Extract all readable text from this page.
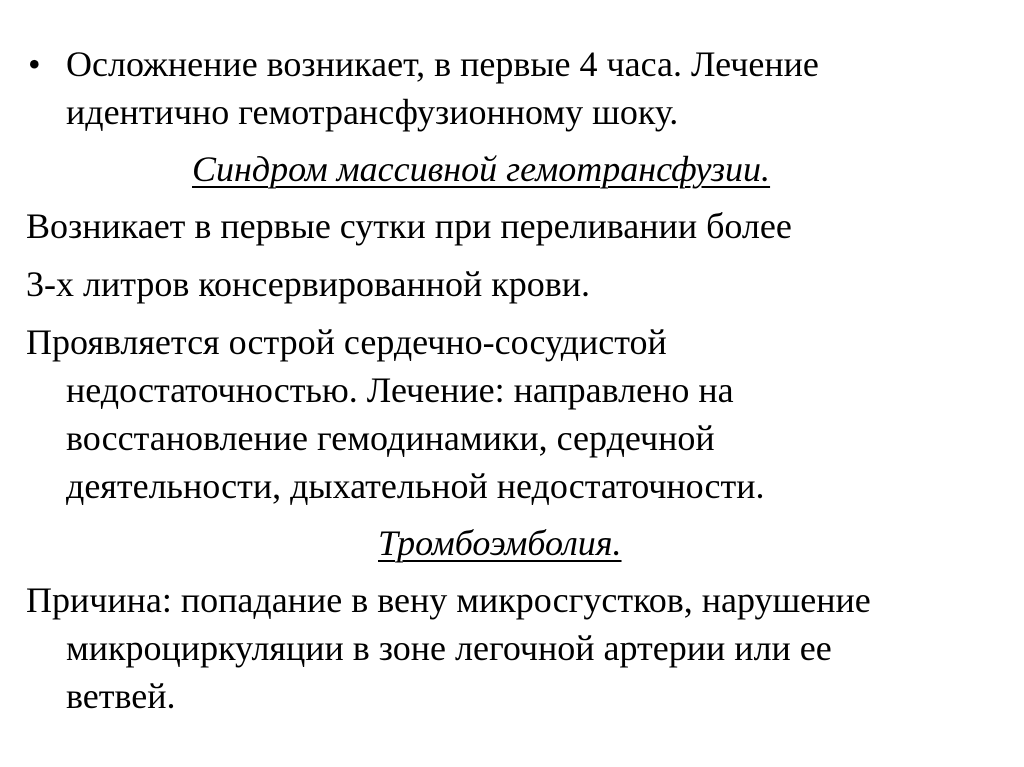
• Осложнение возникает, в первые 4 часа. Лечение
идентично гемотрансфузионному шоку.
Синдром массивной гемотрансфузии.
Возникает в первые сутки при переливании более
3-х литров консервированной крови.
Проявляется острой сердечно-сосудистой
недостаточностью. Лечение: направлено на
восстановление гемодинамики, сердечной
деятельности, дыхательной недостаточности.
Тромбоэмболия.
Причина: попадание в вену микросгустков, нарушение
микроциркуляции в зоне легочной артерии или ее
ветвей.
